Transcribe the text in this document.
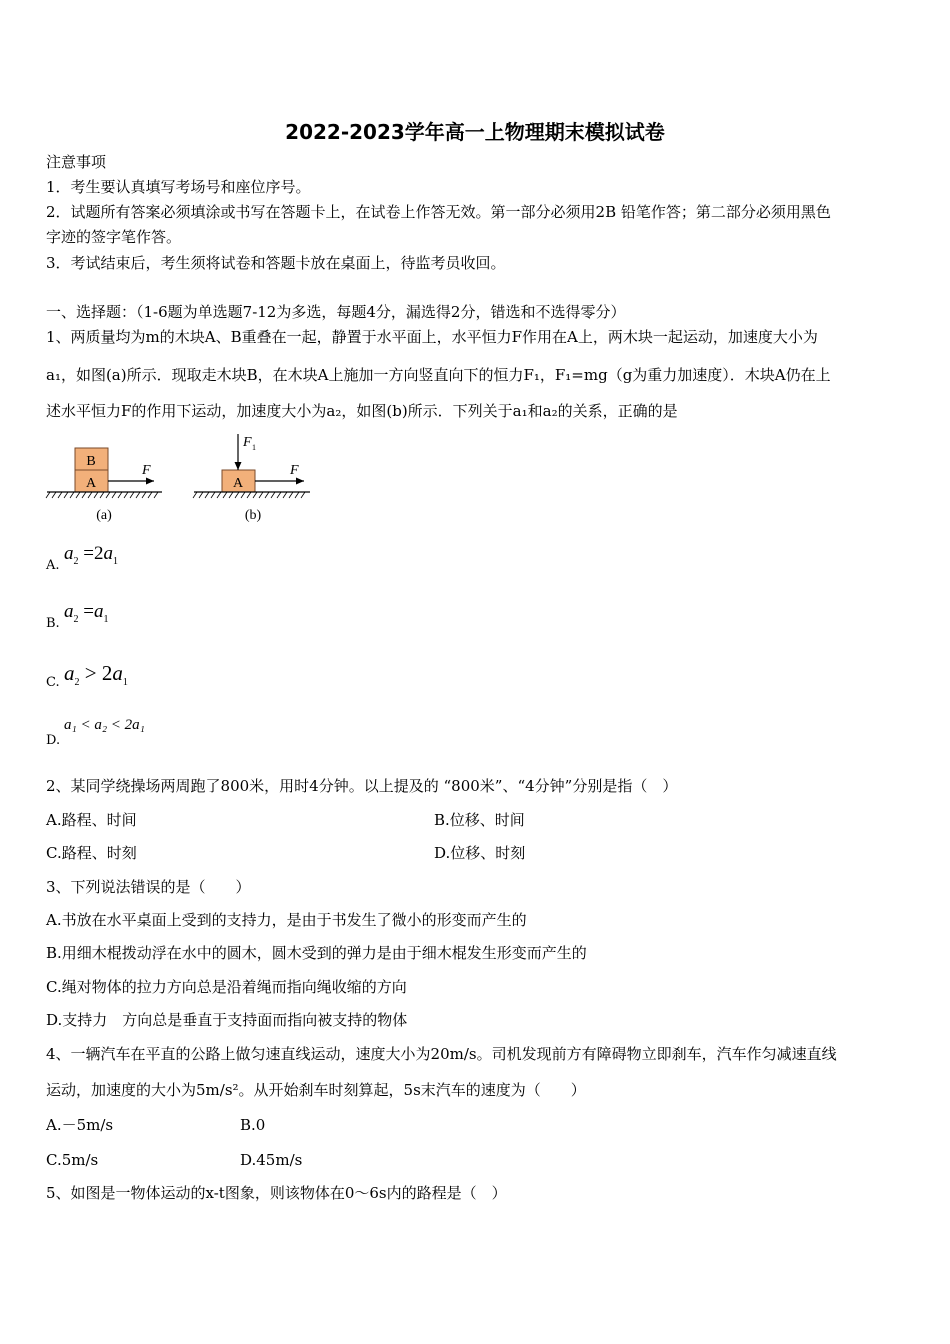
2022-2023学年高一上物理期末模拟试卷
注意事项
1．考生要认真填写考场号和座位序号。
2．试题所有答案必须填涂或书写在答题卡上，在试卷上作答无效。第一部分必须用2B 铅笔作答；第二部分必须用黑色
字迹的签字笔作答。
3．考试结束后，考生须将试卷和答题卡放在桌面上，待监考员收回。
一、选择题：（1-6题为单选题7-12为多选，每题4分，漏选得2分，错选和不选得零分）
1、两质量均为m的木块A、B重叠在一起，静置于水平面上，水平恒力F作用在A上，两木块一起运动，加速度大小为
a₁，如图(a)所示．现取走木块B，在木块A上施加一方向竖直向下的恒力F₁，F₁=mg（g为重力加速度）．木块A仍在上
述水平恒力F的作用下运动，加速度大小为a₂，如图(b)所示．下列关于a₁和a₂的关系，正确的是
B
A
F
(a)
A
F 1
F
(b)
A.
$a_2 =2a_1$
B.
$a_2 =a_1$
C. $a_2 > 2a_1$
D.
a₁ < a₂ < 2a₁
2、某同学绕操场两周跑了800米，用时4分钟。以上提及的 “800米”、“4分钟”分别是指（　）
A.路程、时间	B.位移、时间
C.路程、时刻	D.位移、时刻
3、下列说法错误的是（　　）
A.书放在水平桌面上受到的支持力，是由于书发生了微小的形变而产生的
B.用细木棍拨动浮在水中的圆木，圆木受到的弹力是由于细木棍发生形变而产生的
C.绳对物体的拉力方向总是沿着绳而指向绳收缩的方向
D.支持力　方向总是垂直于支持面而指向被支持的物体
4、一辆汽车在平直的公路上做匀速直线运动，速度大小为20m/s。司机发现前方有障碍物立即刹车，汽车作匀减速直线
运动，加速度的大小为5m/s²。从开始刹车时刻算起，5s末汽车的速度为（　　）
A.－5m/s	B.0
C.5m/s	D.45m/s
5、如图是一物体运动的x-t图象，则该物体在0～6s内的路程是（　）
